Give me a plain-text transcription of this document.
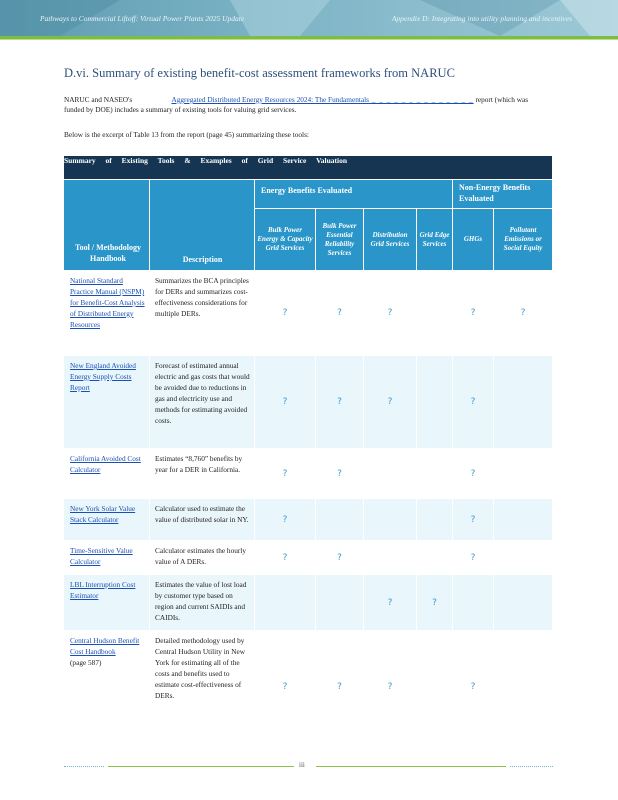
Pathways to Commercial Liftoff: Virtual Power Plants 2025 Update	Appendix D: Integrating into utility planning and incentives
D.vi. Summary of existing benefit-cost assessment frameworks from NARUC
NARUC and NASEO's	Aggregated Distributed Energy Resources 2024: The Fundamentals _ _ _ _ _ _ _ _ _ _ _ _ _ _ report (which was
funded by DOE) includes a summary of existing tools for valuing grid services.
Below is the excerpt of Table 13 from the report (page 45) summarizing these tools:
Summary of Existing Tools & Examples of Grid Service Valuation							
Tool / Methodology Handbook	Description	Energy Benefits Evaluated				Non-Energy Benefits Evaluated	
		Bulk Power Energy & Capacity Grid Services	Bulk Power Essential Reliability Services	Distribution Grid Services	Grid Edge Services	GHGs	Pollutant Emissions or Social Equity
National Standard Practice Manual (NSPM) for Benefit-Cost Analysis of Distributed Energy Resources	Summarizes the BCA principles for DERs and summarizes cost-effectiveness considerations for multiple DERs.	?	?	?		?	?
New England Avoided Energy Supply Costs Report	Forecast of estimated annual electric and gas costs that would be avoided due to reductions in gas and electricity use and methods for estimating avoided costs.	?	?	?		?	
California Avoided Cost Calculator	Estimates “8,760” benefits by year for a DER in California.	?	?			?	
New York Solar Value Stack Calculator	Calculator used to estimate the value of distributed solar in NY.	?				?	
Time-Sensitive Value Calculator	Calculator estimates the hourly value of A DERs.	?	?			?	
LBL Interruption Cost Estimator	Estimates the value of lost load by customer type based on region and current SAIDIs and CAIDIs.			?	?		
Central Hudson Benefit Cost Handbook
(page 587)	Detailed methodology used by Central Hudson Utility in New York for estimating all of the costs and benefits used to estimate cost-effectiveness of DERs.	?	?	?		?	
iii
